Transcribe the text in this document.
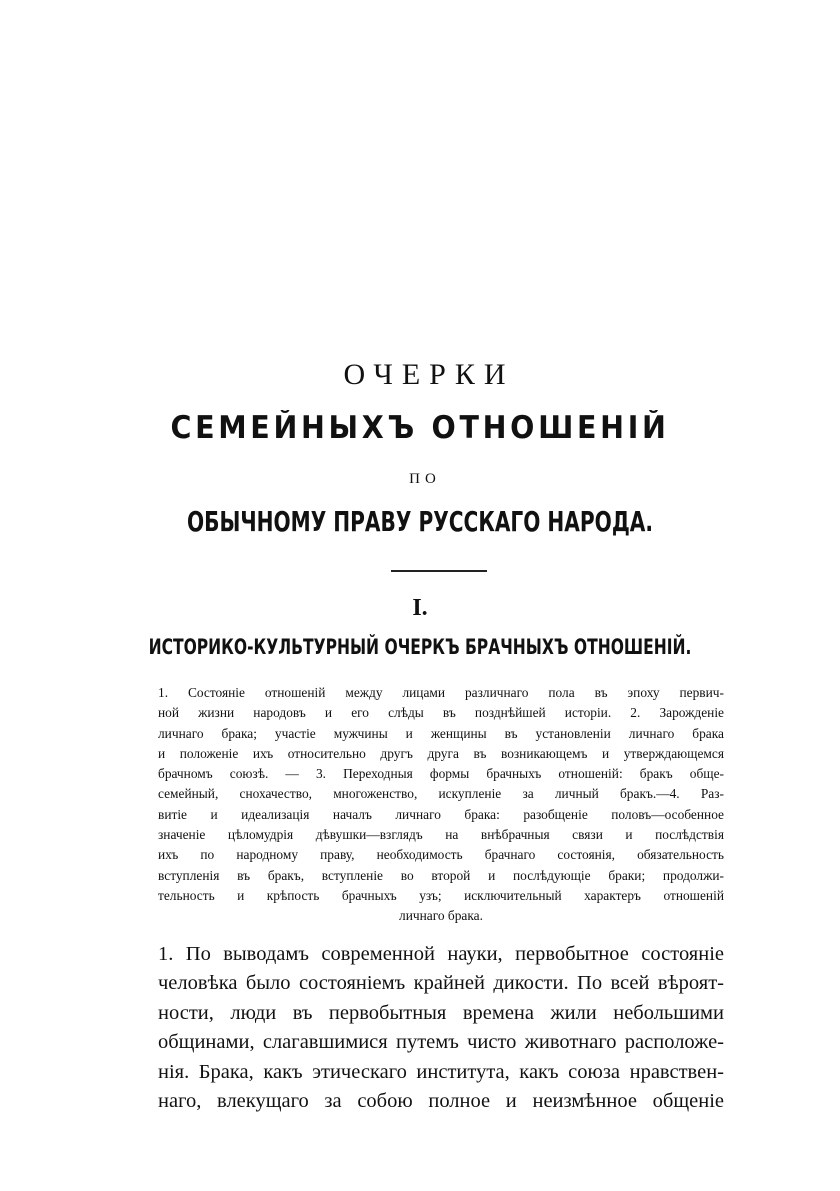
ОЧЕРКИ
СЕМЕЙНЫХЪ ОТНОШЕНІЙ
ПО
ОБЫЧНОМУ ПРАВУ РУССКАГО НАРОДА.
I.
ИСТОРИКО-КУЛЬТУРНЫЙ ОЧЕРКЪ БРАЧНЫХЪ ОТНОШЕНІЙ.
1. Состояніе отношеній между лицами различнаго пола въ эпоху первич-
ной жизни народовъ и его слѣды въ позднѣйшей исторіи. 2. Зарожденіе
личнаго брака; участіе мужчины и женщины въ установленіи личнаго брака
и положеніе ихъ относительно другъ друга въ возникающемъ и утверждающемся
брачномъ союзѣ. — 3. Переходныя формы брачныхъ отношеній: бракъ обще-
семейный, снохачество, многоженство, искупленіе за личный бракъ.—4. Раз-
витіе и идеализація началъ личнаго брака: разобщеніе половъ—особенное
значеніе цѣломудрія дѣвушки—взглядъ на внѣбрачныя связи и послѣдствія
ихъ по народному праву, необходимость брачнаго состоянія, обязательность
вступленія въ бракъ, вступленіе во второй и послѣдующіе браки; продолжи-
тельность и крѣпость брачныхъ узъ; исключительный характеръ отношеній
личнаго брака.
1. По выводамъ современной науки, первобытное состояніе
человѣка было состояніемъ крайней дикости. По всей вѣроят-
ности, люди въ первобытныя времена жили небольшими
общинами, слагавшимися путемъ чисто животнаго расположе-
нія. Брака, какъ этическаго института, какъ союза нравствен-
наго, влекущаго за собою полное и неизмѣнное общеніе
